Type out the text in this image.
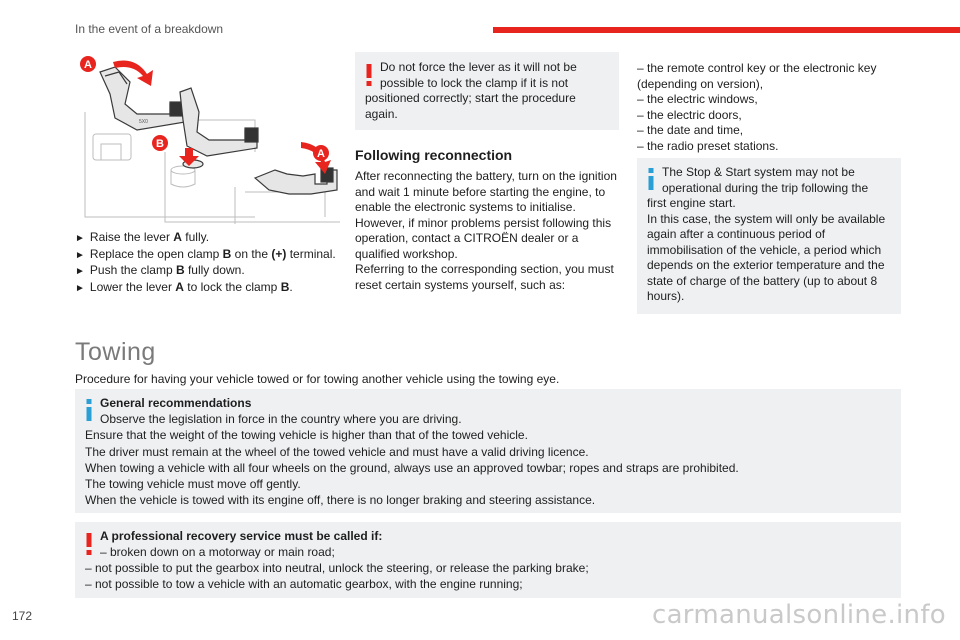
In the event of a breakdown
A
B
A
5X0

► Raise the lever A fully.

► Replace the open clamp B on the (+) terminal.

► Push the clamp B fully down.

► Lower the lever A to lock the clamp B.

Do not force the lever as it will not be possible to lock the clamp if it is not
positioned correctly; start the procedure again.
Following reconnection

After reconnecting the battery, turn on the ignition and wait 1 minute before starting the engine, to enable the electronic systems to initialise.

However, if minor problems persist following this operation, contact a CITROËN dealer or a qualified workshop.

Referring to the corresponding section, you must reset certain systems yourself, such as:

– the remote control key or the electronic key (depending on version),

– the electric windows,

– the electric doors,

– the date and time,

– the radio preset stations.

The Stop & Start system may not be operational during the trip following the
first engine start.
In this case, the system will only be available again after a continuous period of immobilisation of the vehicle, a period which depends on the exterior temperature and the state of charge of the battery (up to about 8 hours).
Towing
Procedure for having your vehicle towed or for towing another vehicle using the towing eye.
General recommendations
Observe the legislation in force in the country where you are driving.
Ensure that the weight of the towing vehicle is higher than that of the towed vehicle.
The driver must remain at the wheel of the towed vehicle and must have a valid driving licence.
When towing a vehicle with all four wheels on the ground, always use an approved towbar; ropes and straps are prohibited.
The towing vehicle must move off gently.
When the vehicle is towed with its engine off, there is no longer braking and steering assistance.
A professional recovery service must be called if:
– broken down on a motorway or main road;
– not possible to put the gearbox into neutral, unlock the steering, or release the parking brake;
– not possible to tow a vehicle with an automatic gearbox, with the engine running;
172	carmanualsonline.info
